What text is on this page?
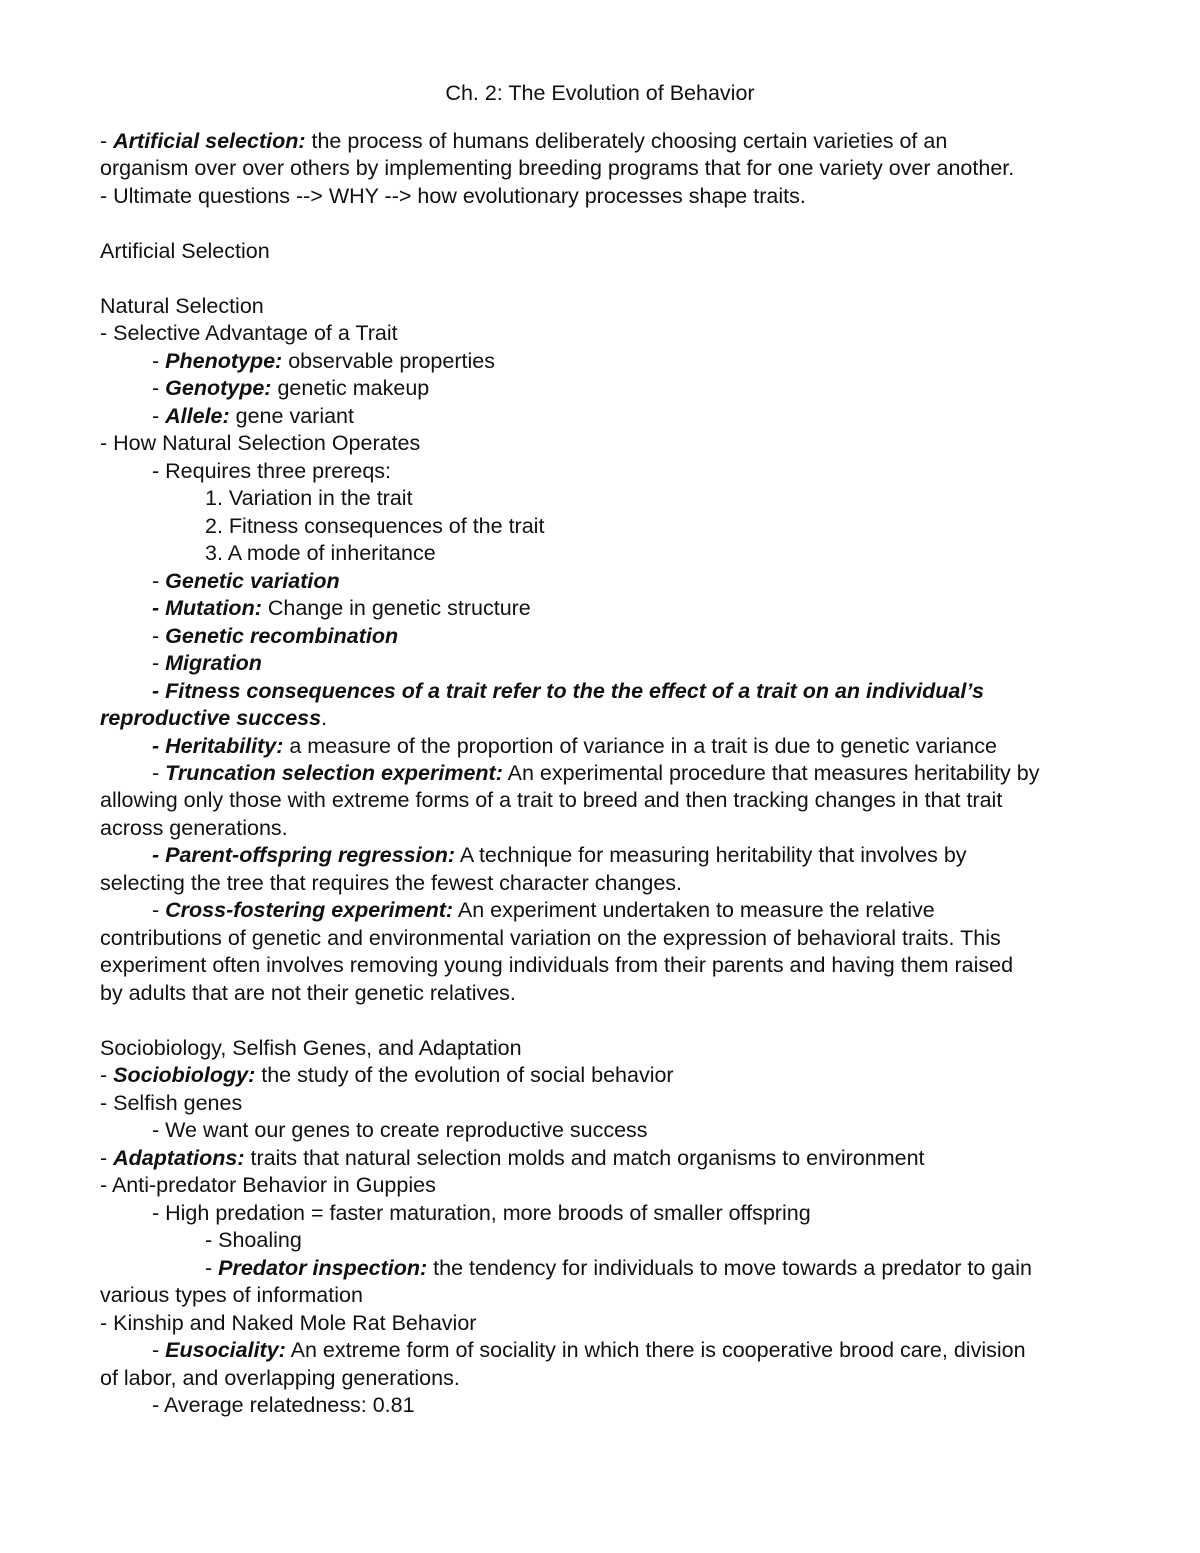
Ch. 2: The Evolution of Behavior
- Artificial selection: the process of humans deliberately choosing certain varieties of an
organism over over others by implementing breeding programs that for one variety over another.
- Ultimate questions --> WHY --> how evolutionary processes shape traits.
Artificial Selection
Natural Selection
- Selective Advantage of a Trait
- Phenotype: observable properties
- Genotype: genetic makeup
- Allele: gene variant
- How Natural Selection Operates
- Requires three prereqs:
1. Variation in the trait
2. Fitness consequences of the trait
3. A mode of inheritance
- Genetic variation
- Mutation: Change in genetic structure
- Genetic recombination
- Migration
- Fitness consequences of a trait refer to the the effect of a trait on an individual’s
reproductive success.
- Heritability: a measure of the proportion of variance in a trait is due to genetic variance
- Truncation selection experiment: An experimental procedure that measures heritability by
allowing only those with extreme forms of a trait to breed and then tracking changes in that trait
across generations.
- Parent-offspring regression: A technique for measuring heritability that involves by
selecting the tree that requires the fewest character changes.
- Cross-fostering experiment: An experiment undertaken to measure the relative
contributions of genetic and environmental variation on the expression of behavioral traits. This
experiment often involves removing young individuals from their parents and having them raised
by adults that are not their genetic relatives.
Sociobiology, Selfish Genes, and Adaptation
- Sociobiology: the study of the evolution of social behavior
- Selfish genes
- We want our genes to create reproductive success
- Adaptations: traits that natural selection molds and match organisms to environment
- Anti-predator Behavior in Guppies
- High predation = faster maturation, more broods of smaller offspring
- Shoaling
- Predator inspection: the tendency for individuals to move towards a predator to gain
various types of information
- Kinship and Naked Mole Rat Behavior
- Eusociality: An extreme form of sociality in which there is cooperative brood care, division
of labor, and overlapping generations.
- Average relatedness: 0.81
